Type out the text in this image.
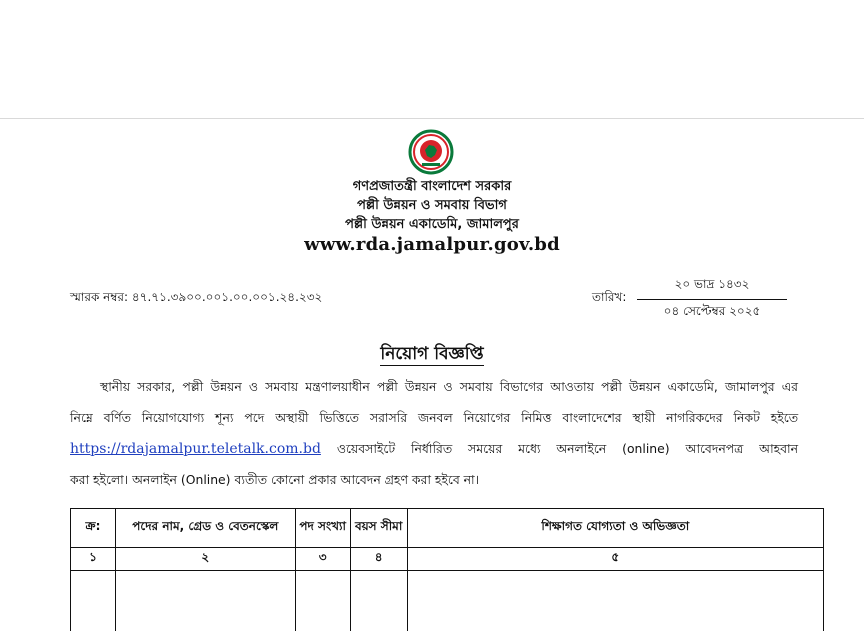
গণপ্রজাতন্ত্রী বাংলাদেশ সরকার
পল্লী উন্নয়ন ও সমবায় বিভাগ
পল্লী উন্নয়ন একাডেমি, জামালপুর
www.rda.jamalpur.gov.bd
স্মারক নম্বর: ৪৭.৭১.৩৯০০.০০১.০০.০০১.২৪.২৩২	তারিখ:
২০ ভাদ্র ১৪৩২
০৪ সেপ্টেম্বর ২০২৫
নিয়োগ বিজ্ঞপ্তি
স্থানীয় সরকার, পল্লী উন্নয়ন ও সমবায় মন্ত্রণালয়াধীন পল্লী উন্নয়ন ও সমবায় বিভাগের আওতায় পল্লী উন্নয়ন একাডেমি, জামালপুর এর
নিম্নে বর্ণিত নিয়োগযোগ্য শূন্য পদে অস্থায়ী ভিত্তিতে সরাসরি জনবল নিয়োগের নিমিত্ত বাংলাদেশের স্থায়ী নাগরিকদের নিকট হইতে
https://rdajamalpur.teletalk.com.bd ওয়েবসাইটে নির্ধারিত সময়ের মধ্যে অনলাইনে (online) আবেদনপত্র আহবান
করা হইলো। অনলাইন (Online) ব্যতীত কোনো প্রকার আবেদন গ্রহণ করা হইবে না।
ক্র:	পদের নাম, গ্রেড ও বেতনস্কেল	পদ সংখ্যা	বয়স সীমা	শিক্ষাগত যোগ্যতা ও অভিজ্ঞতা
১	২	৩	৪	৫
